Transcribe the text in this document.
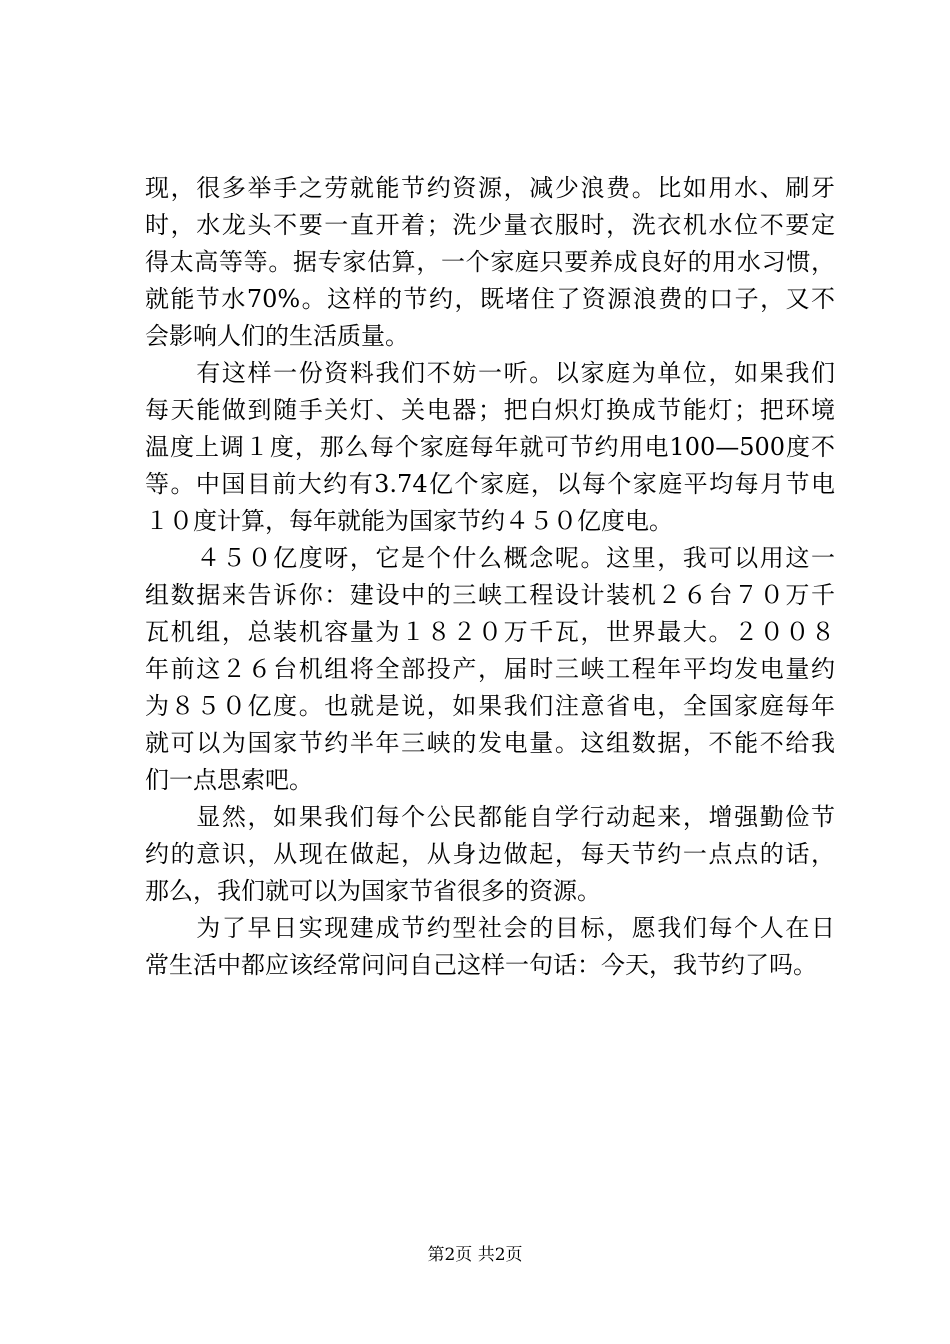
现，很多举手之劳就能节约资源，减少浪费。比如用水、刷牙
时，水龙头不要一直开着；洗少量衣服时，洗衣机水位不要定
得太高等等。据专家估算，一个家庭只要养成良好的用水习惯，
就能节水70%。这样的节约，既堵住了资源浪费的口子，又不
会影响人们的生活质量。
　　有这样一份资料我们不妨一听。以家庭为单位，如果我们
每天能做到随手关灯、关电器；把白炽灯换成节能灯；把环境
温度上调１度，那么每个家庭每年就可节约用电100—500度不
等。中国目前大约有3.74亿个家庭，以每个家庭平均每月节电
１０度计算，每年就能为国家节约４５０亿度电。
　　４５０亿度呀，它是个什么概念呢。这里，我可以用这一
组数据来告诉你：建设中的三峡工程设计装机２６台７０万千
瓦机组，总装机容量为１８２０万千瓦，世界最大。２００８
年前这２６台机组将全部投产，届时三峡工程年平均发电量约
为８５０亿度。也就是说，如果我们注意省电，全国家庭每年
就可以为国家节约半年三峡的发电量。这组数据，不能不给我
们一点思索吧。
　　显然，如果我们每个公民都能自学行动起来，增强勤俭节
约的意识，从现在做起，从身边做起，每天节约一点点的话，
那么，我们就可以为国家节省很多的资源。
　　为了早日实现建成节约型社会的目标，愿我们每个人在日
常生活中都应该经常问问自己这样一句话：今天，我节约了吗。
第2页 共2页
